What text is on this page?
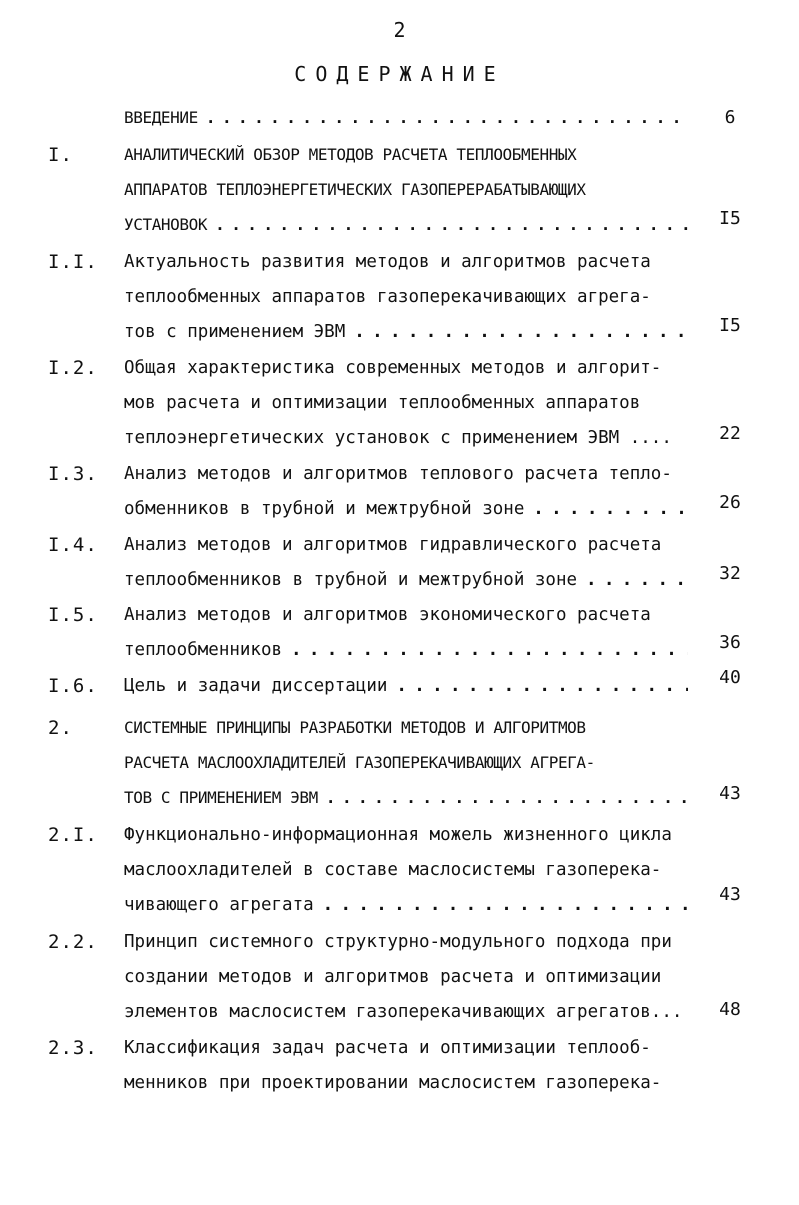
2
СОДЕРЖАНИЕ
ВВЕДЕНИЕ . . .	6
I.	АНАЛИТИЧЕСКИЙ ОБЗОР МЕТОДОВ РАСЧЕТА ТЕПЛООБМЕННЫХ
АППАРАТОВ ТЕПЛОЭНЕРГЕТИЧЕСКИХ ГАЗОПЕРЕРАБАТЫВАЮЩИХ
УСТАНОВОК . . .	I5
I.I. Актуальность развития методов и алгоритмов расчета
теплообменных аппаратов газоперекачивающих агрега-
тов с применением ЭВМ . . .	I5
I.2. Общая характеристика современных методов и алгорит-
мов расчета и оптимизации теплообменных аппаратов
теплоэнергетических установок с применением ЭВМ ....	22
I.3. Анализ методов и алгоритмов теплового расчета тепло-
обменников в трубной и межтрубной зоне . . .	26
I.4. Анализ методов и алгоритмов гидравлического расчета
теплообменников в трубной и межтрубной зоне . . .	32
I.5. Анализ методов и алгоритмов экономического расчета
теплообменников . . .	36
I.6. Цель и задачи диссертации . . .	40
2.	СИСТЕМНЫЕ ПРИНЦИПЫ РАЗРАБОТКИ МЕТОДОВ И АЛГОРИТМОВ
РАСЧЕТА МАСЛООХЛАДИТЕЛЕЙ ГАЗОПЕРЕКАЧИВАЮЩИХ АГРЕГА-
ТОВ С ПРИМЕНЕНИЕМ ЭВМ . . .	43
2.I. Функционально-информационная можель жизненного цикла
маслоохладителей в составе маслосистемы газоперека-
чивающего агрегата . . .	43
2.2. Принцип системного структурно-модульного подхода при
создании методов и алгоритмов расчета и оптимизации
элементов маслосистем газоперекачивающих агрегатов...	48
2.3. Классификация задач расчета и оптимизации теплооб-
менников при проектировании маслосистем газоперека-
